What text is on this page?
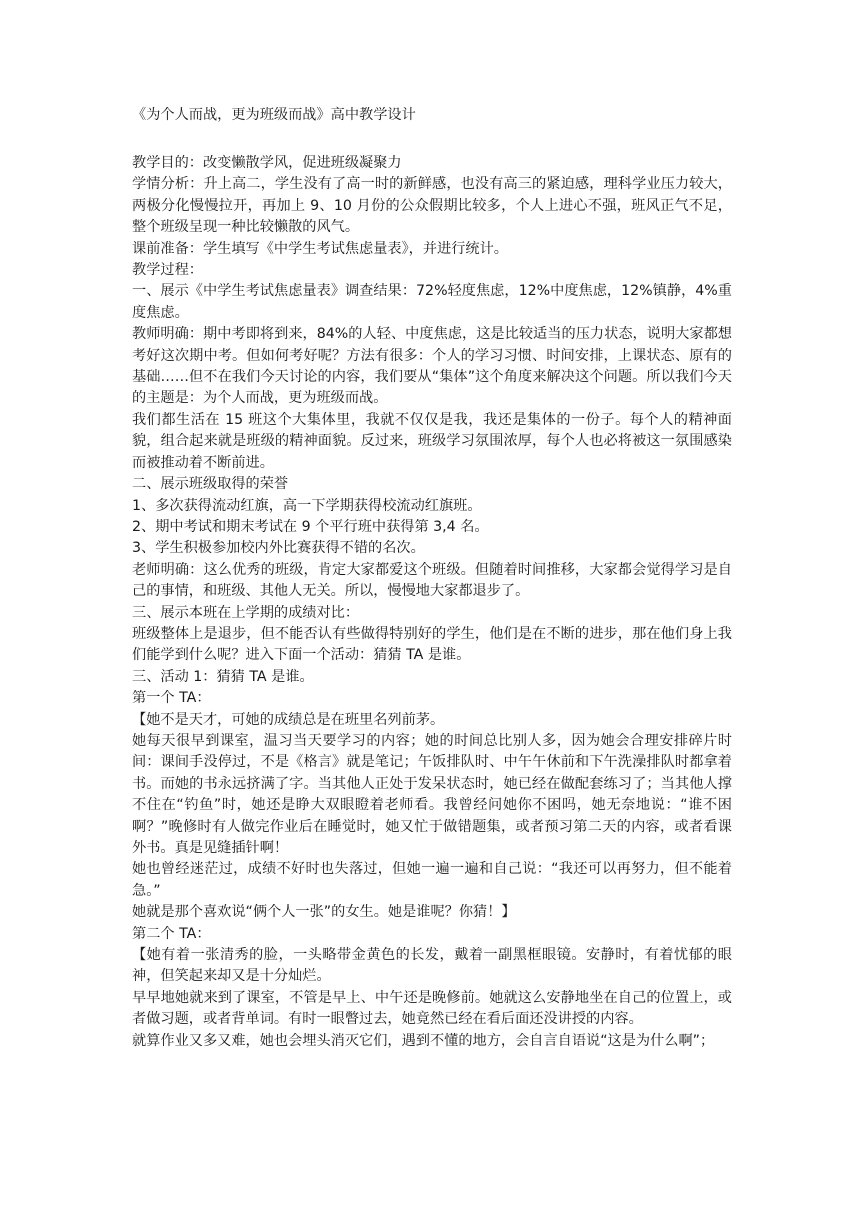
《为个人而战，更为班级而战》高中教学设计

教学目的：改变懒散学风，促进班级凝聚力

学情分析：升上高二，学生没有了高一时的新鲜感，也没有高三的紧迫感，理科学业压力较大，两极分化慢慢拉开，再加上 9、10 月份的公众假期比较多，个人上进心不强，班风正气不足，整个班级呈现一种比较懒散的风气。

课前准备：学生填写《中学生考试焦虑量表》，并进行统计。

教学过程：

一、展示《中学生考试焦虑量表》调查结果：72%轻度焦虑，12%中度焦虑，12%镇静，4%重度焦虑。

教师明确：期中考即将到来，84%的人轻、中度焦虑，这是比较适当的压力状态，说明大家都想考好这次期中考。但如何考好呢？方法有很多：个人的学习习惯、时间安排，上课状态、原有的基础……但不在我们今天讨论的内容，我们要从“集体”这个角度来解决这个问题。所以我们今天的主题是：为个人而战，更为班级而战。

我们都生活在 15 班这个大集体里，我就不仅仅是我，我还是集体的一份子。每个人的精神面貌，组合起来就是班级的精神面貌。反过来，班级学习氛围浓厚，每个人也必将被这一氛围感染而被推动着不断前进。

二、展示班级取得的荣誉

1、多次获得流动红旗，高一下学期获得校流动红旗班。

2、期中考试和期末考试在 9 个平行班中获得第 3,4 名。

3、学生积极参加校内外比赛获得不错的名次。

老师明确：这么优秀的班级，肯定大家都爱这个班级。但随着时间推移，大家都会觉得学习是自己的事情，和班级、其他人无关。所以，慢慢地大家都退步了。

三、展示本班在上学期的成绩对比：

班级整体上是退步，但不能否认有些做得特别好的学生，他们是在不断的进步，那在他们身上我们能学到什么呢？进入下面一个活动：猜猜 TA 是谁。

三、活动 1：猜猜 TA 是谁。

第一个 TA：

【她不是天才，可她的成绩总是在班里名列前茅。

她每天很早到课室，温习当天要学习的内容；她的时间总比别人多，因为她会合理安排碎片时间：课间手没停过，不是《格言》就是笔记；午饭排队时、中午午休前和下午洗澡排队时都拿着书。而她的书永远挤满了字。当其他人正处于发呆状态时，她已经在做配套练习了；当其他人撑不住在“钓鱼”时，她还是睁大双眼瞪着老师看。我曾经问她你不困吗，她无奈地说：“谁不困啊？”晚修时有人做完作业后在睡觉时，她又忙于做错题集，或者预习第二天的内容，或者看课外书。真是见缝插针啊！

她也曾经迷茫过，成绩不好时也失落过，但她一遍一遍和自己说：“我还可以再努力，但不能着急。”

她就是那个喜欢说“俩个人一张”的女生。她是谁呢？你猜！】

第二个 TA：

【她有着一张清秀的脸，一头略带金黄色的长发，戴着一副黑框眼镜。安静时，有着忧郁的眼神，但笑起来却又是十分灿烂。

早早地她就来到了课室，不管是早上、中午还是晚修前。她就这么安静地坐在自己的位置上，或者做习题，或者背单词。有时一眼瞥过去，她竟然已经在看后面还没讲授的内容。

就算作业又多又难，她也会埋头消灭它们，遇到不懂的地方，会自言自语说“这是为什么啊”；
